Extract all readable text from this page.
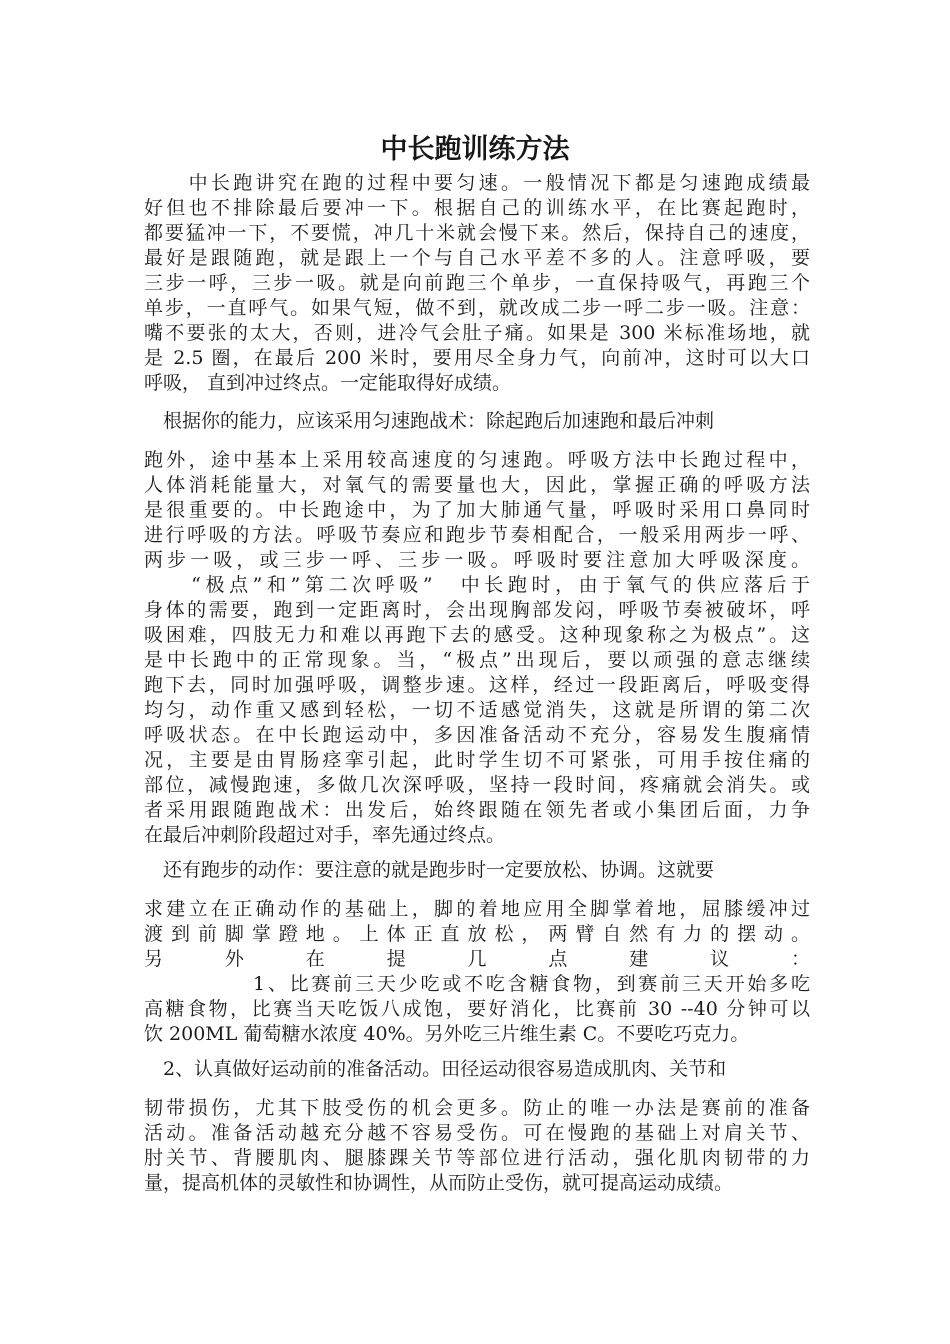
中长跑训练方法
　　中长跑讲究在跑的过程中要匀速。一般情况下都是匀速跑成绩最
好但也不排除最后要冲一下。根据自己的训练水平，在比赛起跑时，
都要猛冲一下，不要慌，冲几十米就会慢下来。然后，保持自己的速度，
最好是跟随跑，就是跟上一个与自己水平差不多的人。注意呼吸，要
三步一呼，三步一吸。就是向前跑三个单步，一直保持吸气，再跑三个
单步，一直呼气。如果气短，做不到，就改成二步一呼二步一吸。注意：
嘴不要张的太大，否则，进冷气会肚子痛。如果是 300 米标准场地，就
是 2.5 圈，在最后 200 米时，要用尽全身力气，向前冲，这时可以大口
呼吸， 直到冲过终点。一定能取得好成绩。
　根据你的能力，应该采用匀速跑战术：除起跑后加速跑和最后冲刺
跑外，途中基本上采用较高速度的匀速跑。呼吸方法中长跑过程中，
人体消耗能量大，对氧气的需要量也大，因此，掌握正确的呼吸方法
是很重要的。中长跑途中，为了加大肺通气量，呼吸时采用口鼻同时
进行呼吸的方法。呼吸节奏应和跑步节奏相配合，一般采用两步一呼、
两步一吸，或三步一呼、三步一吸。呼吸时要注意加大呼吸深度。
　　“极点”和”第二次呼吸”　中长跑时，由于氧气的供应落后于
身体的需要，跑到一定距离时，会出现胸部发闷，呼吸节奏被破坏，呼
吸困难，四肢无力和难以再跑下去的感受。这种现象称之为极点”。这
是中长跑中的正常现象。当，“极点”出现后，要以顽强的意志继续
跑下去，同时加强呼吸，调整步速。这样，经过一段距离后，呼吸变得
均匀，动作重又感到轻松，一切不适感觉消失，这就是所谓的第二次
呼吸状态。在中长跑运动中，多因准备活动不充分，容易发生腹痛情
况，主要是由胃肠痉挛引起，此时学生切不可紧张，可用手按住痛的
部位，减慢跑速，多做几次深呼吸，坚持一段时间，疼痛就会消失。或
者采用跟随跑战术：出发后，始终跟随在领先者或小集团后面，力争
在最后冲刺阶段超过对手，率先通过终点。
　还有跑步的动作：要注意的就是跑步时一定要放松、协调。这就要
求建立在正确动作的基础上，脚的着地应用全脚掌着地，屈膝缓冲过
渡到前脚掌蹬地。上体正直放松，两臂自然有力的摆动。
另外在提几点建议：
　　　　　1、比赛前三天少吃或不吃含糖食物，到赛前三天开始多吃
高糖食物，比赛当天吃饭八成饱，要好消化，比赛前 30 --40 分钟可以
饮 200ML 葡萄糖水浓度 40%。另外吃三片维生素 C。不要吃巧克力。
　2、认真做好运动前的准备活动。田径运动很容易造成肌肉、关节和
韧带损伤，尤其下肢受伤的机会更多。防止的唯一办法是赛前的准备
活动。准备活动越充分越不容易受伤。可在慢跑的基础上对肩关节、
肘关节、背腰肌肉、腿膝踝关节等部位进行活动，强化肌肉韧带的力
量，提高机体的灵敏性和协调性，从而防止受伤，就可提高运动成绩。
